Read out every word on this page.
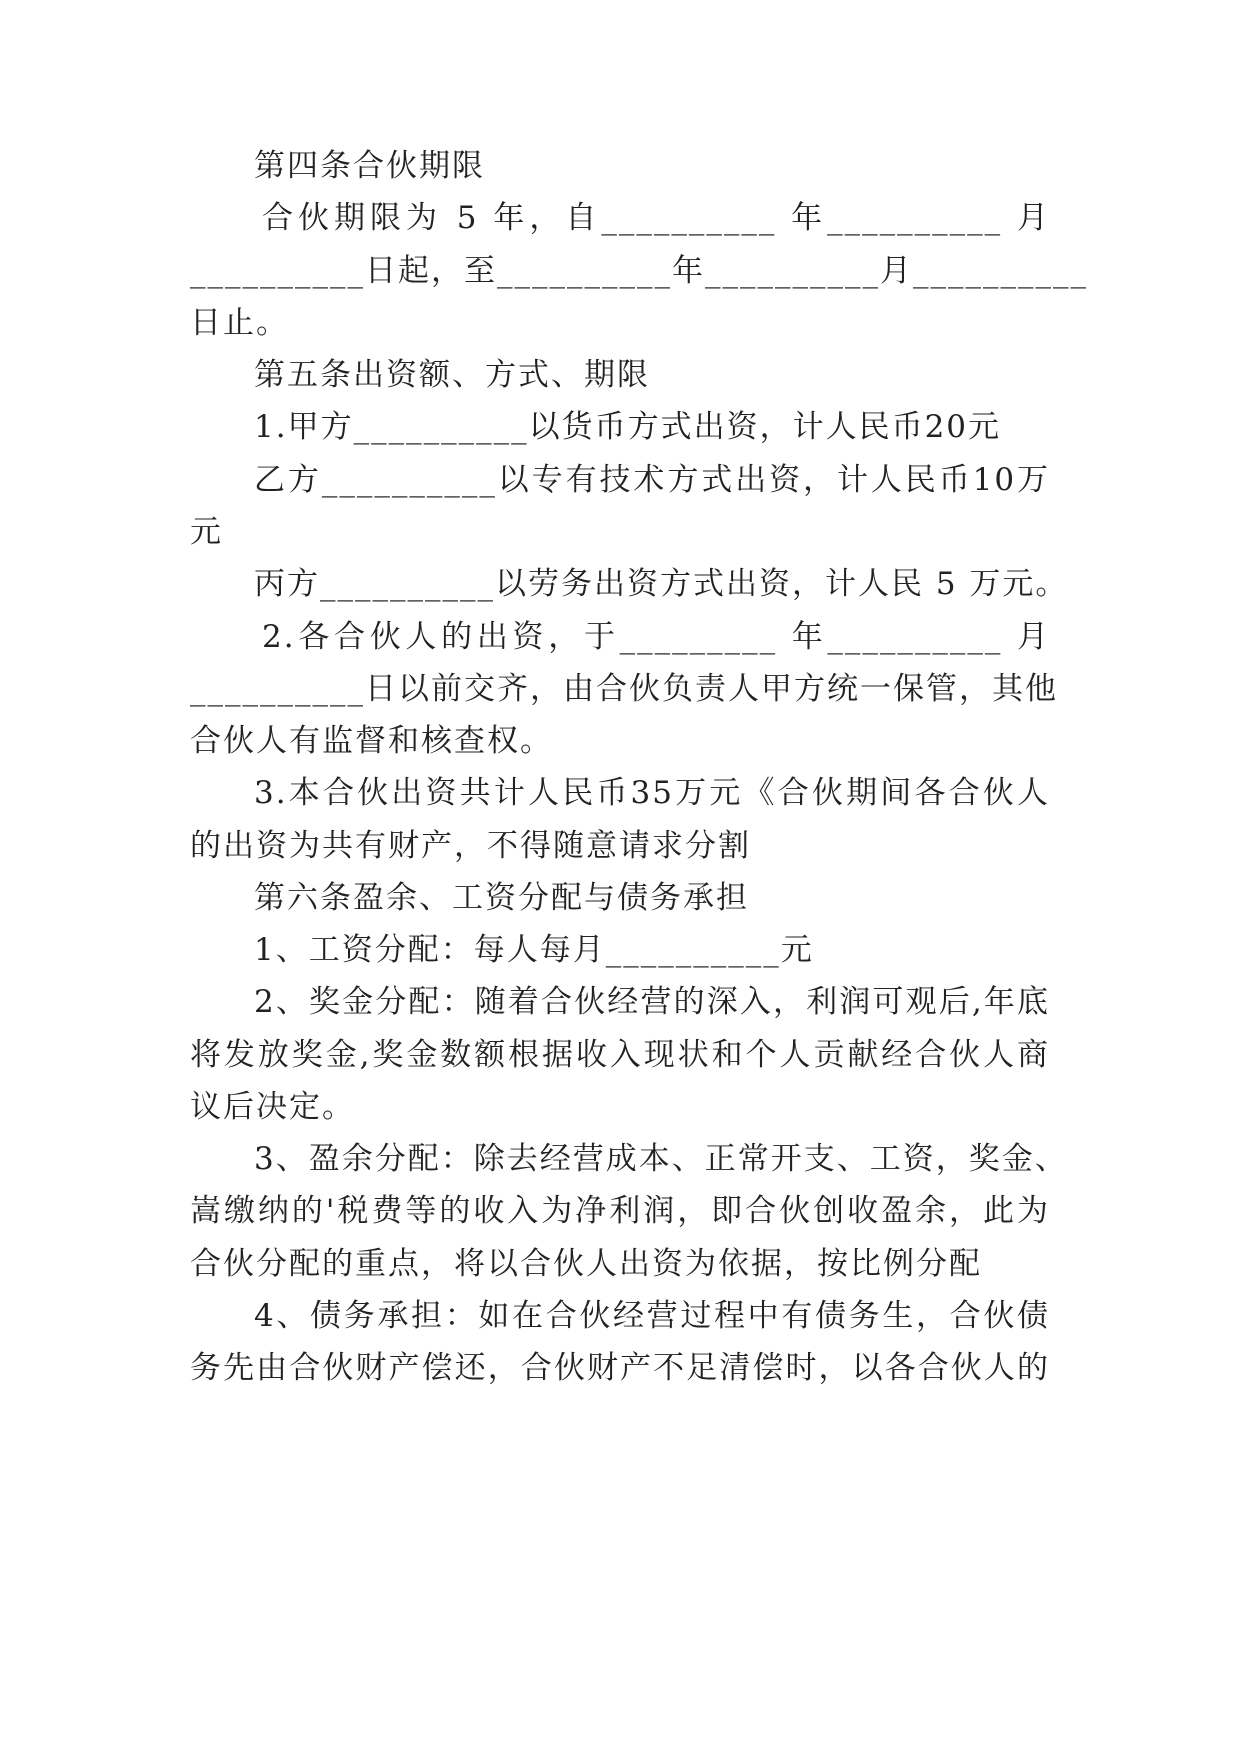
第四条合伙期限
合伙期限为 5 年，自__________ 年__________ 月
__________日起，至__________年__________月__________
日止。
第五条出资额、方式、期限
1.甲方__________以货币方式出资，计人民币20元
乙方__________以专有技术方式出资，计人民币10万
元
丙方__________以劳务出资方式出资，计人民 5 万元。
2.各合伙人的出资，于_________ 年__________ 月
__________日以前交齐，由合伙负责人甲方统一保管，其他
合伙人有监督和核查权。
3.本合伙出资共计人民币35万元《合伙期间各合伙人
的出资为共有财产，不得随意请求分割
第六条盈余、工资分配与债务承担
1、工资分配：每人每月__________元
2、奖金分配：随着合伙经营的深入，利润可观后,年底
将发放奖金,奖金数额根据收入现状和个人贡献经合伙人商
议后决定。
3、盈余分配：除去经营成本、正常开支、工资，奖金、
嵩缴纳的'税费等的收入为净利润，即合伙创收盈余，此为
合伙分配的重点，将以合伙人出资为依据，按比例分配
4、债务承担：如在合伙经营过程中有债务生，合伙债
务先由合伙财产偿还，合伙财产不足清偿时，以各合伙人的
